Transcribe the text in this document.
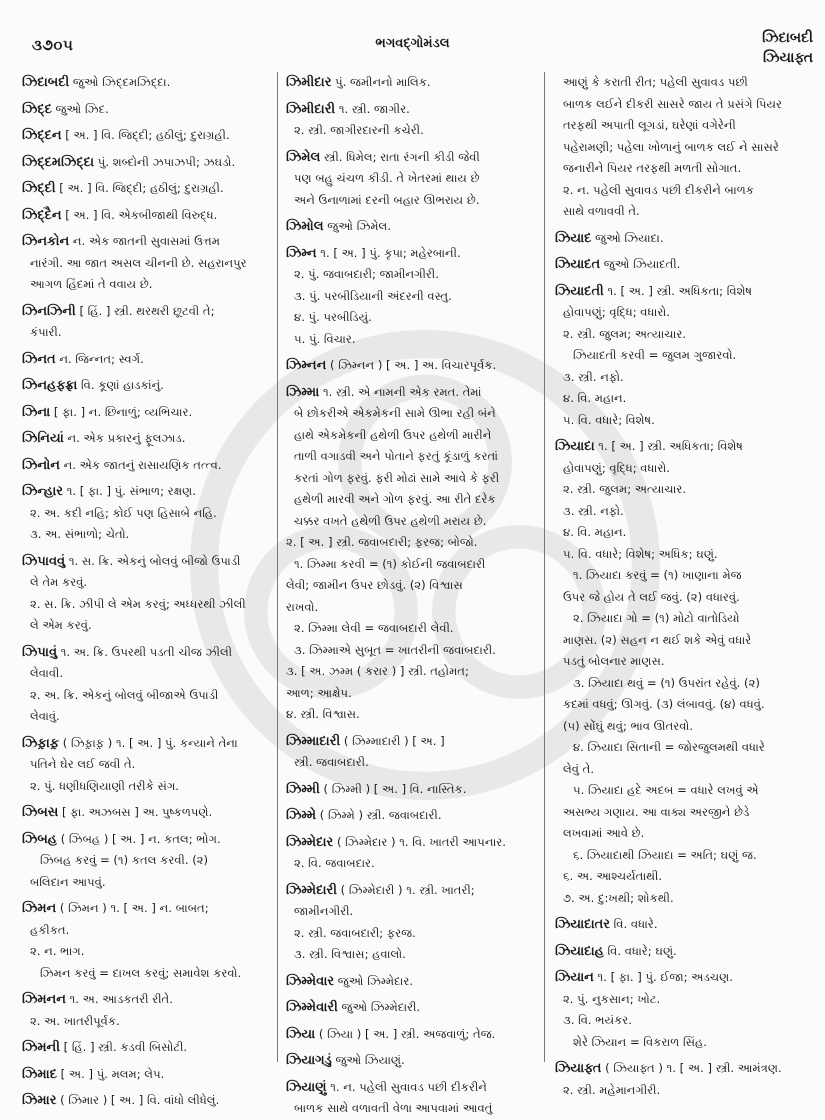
૩૭૦૫	ભગવદ્ગોમંડલ	ઝિદાબદી
ઝિયાફ્ત
ઝિદાબદી જુઓ ઝિદ્દમઝિદ્દા.
ઝિદ્દ જુઓ ઝિદ.
ઝિદ્દન [ અ. ] વિ. જિદ્દી; હઠીલું; દુરાગ્રહી.
ઝિદ્દમઝિદ્દા પું. શબ્દોની ઝપાઝપી; ઝઘડો.
ઝિદ્દી [ અ. ] વિ. જિદ્દી; હઠીલું; દુરાગ્રહી.
ઝિદ્દૈન [ અ. ] વિ. એકબીજાથી વિરુદ્ધ.
ઝિનકોન ન. એક જાતની સુવાસમાં ઉત્તમ
નારંગી. આ જાત અસલ ચીનની છે. સહરાનપુર
આગળ હિંદમાં તે વવાય છે.
ઝિનઝિની [ હિં. ] સ્ત્રી. થરથરી છૂટવી તે;
કંપારી.
ઝિનત ન. જિન્નત; સ્વર્ગ.
ઝિનહફ્ફ્રા વિ. કૂણાં હાડકાંનું.
ઝિના [ ફા. ] ન. છિનાળું; વ્યભિચાર.
ઝિનિયાં ન. એક પ્રકારનું ફૂલઝાડ.
ઝિનોન ન. એક જાતનું રાસાયણિક તત્ત્વ.
ઝિન્હાર ૧. [ ફા. ] પું. સંભાળ; રક્ષણ.
૨. અ. કદી નહિ; કોઈ પણ હિસાબે નહિ.
૩. અ. સંભાળો; ચેતો.
ઝિપાવવું ૧. સ. ક્રિ. એકનું બોલવું બીજો ઉપાડી
લે તેમ કરવું.
૨. સ. ક્રિ. ઝીપી લે એમ કરવું; અધ્ધરથી ઝીલી
લે એમ કરવું.
ઝિપાવું ૧. અ. ક્રિ. ઉપરથી પડતી ચીજ ઝીલી
લેવાવી.
૨. અ. ક્રિ. એકનું બોલવું બીજાએ ઉપાડી
લેવાવું.
ઝિફ઼ાફ઼ ( ઝિફ઼ાફ઼ ) ૧. [ અ. ] પું. કન્યાને તેના
પતિને ઘેર લઈ જવી તે.
૨. પું. ધણીધણિયાણી તરીકે સંગ.
ઝિબસ [ ફા. અઝબસ ] અ. પુષ્કળપણે.
ઝિબહ ( ઝિબહ ) [ અ. ] ન. કતલ; ભોગ.
ઝિબહ કરવું = (૧) કતલ કરવી. (૨)
બલિદાન આપવું.
ઝિમન ( ઝિમન ) ૧. [ અ. ] ન. બાબત;
હકીકત.
૨. ન. ભાગ.
ઝિમન કરવું = દાખલ કરવું; સમાવેશ કરવો.
ઝિમનન ૧. અ. આડકતરી રીતે.
૨. અ. ખાતરીપૂર્વક.
ઝિમની [ હિં. ] સ્ત્રી. કડવી બિસોટી.
ઝિમાદ [ અ. ] પું. મલમ; લેપ.
ઝિમાર ( ઝિમાર ) [ અ. ] વિ. વાંધો લીધેલું.
ઝિમીદાર પું. જમીનનો માલિક.
ઝિમીદારી ૧. સ્ત્રી. જાગીર.
૨. સ્ત્રી. જાગીરદારની કચેરી.
ઝિમેલ સ્ત્રી. ધિમેલ; રાતા રંગની કીડી જેવી
પણ બહુ ચંચળ કીડી. તે ખેતરમાં થાય છે
અને ઉનાળામાં દરની બહાર ઊભરાય છે.
ઝિમોલ જુઓ ઝિમેલ.
ઝિમ્ન ૧. [ અ. ] પું. કૃપા; મહેરબાની.
૨. પું. જવાબદારી; જામીનગીરી.
૩. પું. પરબીડિયાની અંદરની વસ્તુ.
૪. પું. પરબીડિયું.
૫. પું. વિચાર.
ઝિમ્નન ( ઝિમ્નન ) [ અ. ] અ. વિચારપૂર્વક.
ઝિમ્મા ૧. સ્ત્રી. એ નામની એક રમત. તેમાં
બે છોકરીએ એકમેકની સામે ઊભા રહી બંને
હાથે એકમેકની હથેળી ઉપર હથેળી મારીને
તાળી વગાડવી અને પોતાને ફરતું કૂંડાળું કરતાં
કરતાં ગોળ ફરવું. ફરી મોઢાં સામે આવે કે ફરી
હથેળી મારવી અને ગોળ ફરવું. આ રીતે દરેક
ચક્કર વખતે હથેળી ઉપર હથેળી મરાય છે.
૨. [ અ. ] સ્ત્રી. જવાબદારી; ફરજ; બોજો.
૧. ઝિમ્મા કરવી = (૧) કોઈની જવાબદારી
લેવી; જામીન ઉપર છોડવું. (૨) વિશ્વાસ
રાખવો.
૨. ઝિમ્મા લેવી = જવાબદારી લેવી.
૩. ઝિમ્માએ સુબૂત = ખાતરીની જવાબદારી.
૩. [ અ. ઝમ્મ ( કરાર ) ] સ્ત્રી. તહોમત;
આળ; આક્ષેપ.
૪. સ્ત્રી. વિશ્વાસ.
ઝિમ્માદારી ( ઝિમ્માદારી ) [ અ. ]
સ્ત્રી. જવાબદારી.
ઝિમ્મી ( ઝિમ્મી ) [ અ. ] વિ. નાસ્તિક.
ઝિમ્મે ( ઝિમ્મે ) સ્ત્રી. જવાબદારી.
ઝિમ્મેદાર ( ઝિમ્મેદાર ) ૧. વિ. ખાતરી આપનાર.
૨. વિ. જવાબદાર.
ઝિમ્મેદારી ( ઝિમ્મેદારી ) ૧. સ્ત્રી. ખાતરી;
જામીનગીરી.
૨. સ્ત્રી. જવાબદારી; ફરજ.
૩. સ્ત્રી. વિશ્વાસ; હવાલો.
ઝિમ્મેવાર જુઓ ઝિમ્મેદાર.
ઝિમ્મેવારી જુઓ ઝિમ્મેદારી.
ઝિયા ( ઝિયા ) [ અ. ] સ્ત્રી. અજવાળું; તેજ.
ઝિયાગડું જુઓ ઝિયાણું.
ઝિયાણું ૧. ન. પહેલી સુવાવડ પછી દીકરીને
બાળક સાથે વળાવતી વેળા આપવામાં આવતું
આણું કે કરાતી રીત; પહેલી સુવાવડ પછી
બાળક લઈને દીકરી સાસરે જાય તે પ્રસંગે પિયર
તરફથી અપાતી લૂગડાં, ઘરેણાં વગેરેની
પહેરામણી; પહેલા ખોળાનું બાળક લઈ ને સાસરે
જનારીને પિયર તરફથી મળતી સોગાત.
૨. ન. પહેલી સુવાવડ પછી દીકરીને બાળક
સાથે વળાવવી તે.
ઝિયાદ જુઓ ઝિયાદા.
ઝિયાદત જુઓ ઝિયાદતી.
ઝિયાદતી ૧. [ અ. ] સ્ત્રી. અધિકતા; વિશેષ
હોવાપણું; વૃદ્ધિ; વધારો.
૨. સ્ત્રી. જુલમ; અત્યાચાર.
ઝિયાદતી કરવી = જુલમ ગુજારવો.
૩. સ્ત્રી. નફો.
૪. વિ. મહાન.
૫. વિ. વધારે; વિશેષ.
ઝિયાદા ૧. [ અ. ] સ્ત્રી. અધિકતા; વિશેષ
હોવાપણું; વૃદ્ધિ; વધારો.
૨. સ્ત્રી. જુલમ; અત્યાચાર.
૩. સ્ત્રી. નફો.
૪. વિ. મહાન.
૫. વિ. વધારે; વિશેષ; અધિક; ઘણું.
૧. ઝિયાદા કરવું = (૧) ખાણાના મેજ
ઉપર જે હોય તે લઈ જવું. (૨) વધારવું.
૨. ઝિયાદા ગો = (૧) મોટો વાતોડિયો
માણસ. (૨) સહન ન થઈ શકે એવું વધારે
પડતું બોલનાર માણસ.
૩. ઝિયાદા થવું = (૧) ઉપરાંત રહેવું. (૨)
કદમાં વધવું; ઊગવું. (૩) લંબાવવું. (૪) વધવું.
(૫) સોંઘું થવું; ભાવ ઊતરવો.
૪. ઝિયાદા સિતાની = જોરજુલમથી વધારે
લેવું તે.
૫. ઝિયાદા હદે અદબ = વધારે લખવું એ
અસભ્ય ગણાય. આ વાક્ય અરજીને છેડે
લખવામાં આવે છે.
૬. ઝિયાદાથી ઝિયાદા = અતિ; ઘણું જ.
૬. અ. આશ્ચર્યતાથી.
૭. અ. દુ:ખથી; શોકથી.
ઝિયાદાતર વિ. વધારે.
ઝિયાદાહ વિ. વધારે; ઘણું.
ઝિયાન ૧. [ ફા. ] પું. ઈજા; અડચણ.
૨. પું. નુકસાન; ખોટ.
૩. વિ. ભયંકર.
શેરે ઝિયાન = વિકરાળ સિંહ.
ઝિયાફ્ત ( ઝિયાફ્ત ) ૧. [ અ. ] સ્ત્રી. આમંત્રણ.
૨. સ્ત્રી. મહેમાનગીરી.
